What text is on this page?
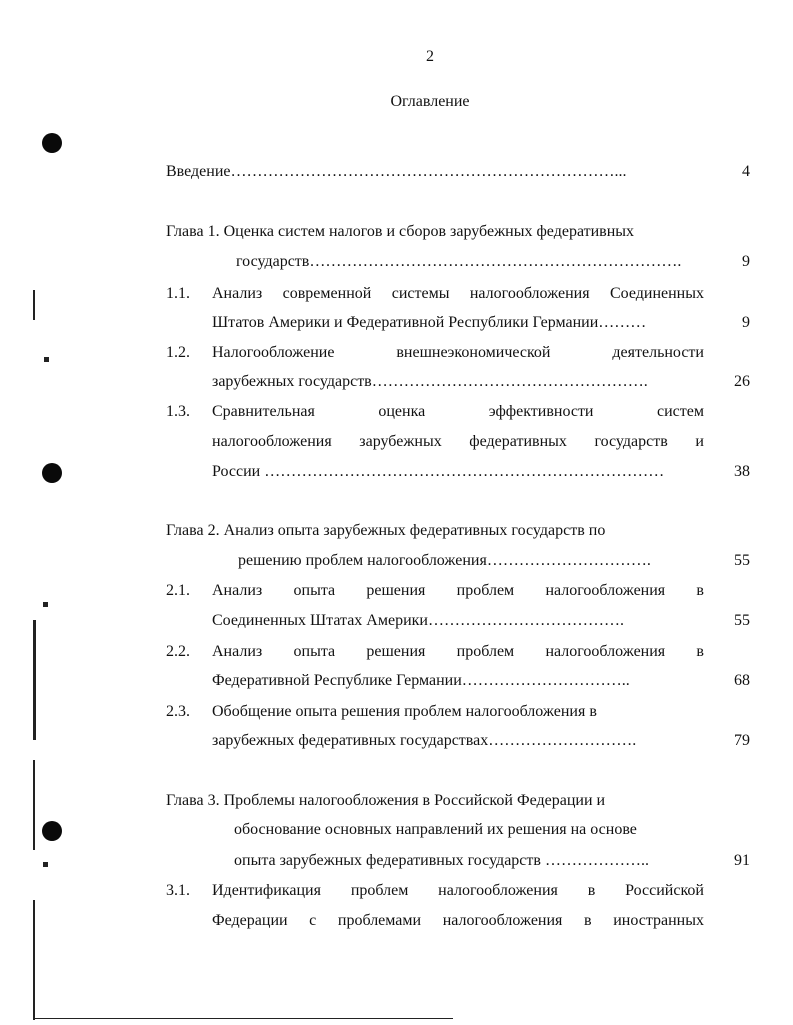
2
Оглавление
Введение………………………………………………………………...	4
Глава 1. Оценка систем налогов и сборов зарубежных федеративных
государств…………………………………………………………….	9
1.1. Анализ современной системы налогообложения Соединенных
Штатов Америки и Федеративной Республики Германии………	9
1.2. Налогообложение	внешнеэкономической	деятельности
зарубежных государств…………………………………………….	26
1.3. Сравнительная	оценка	эффективности	систем
налогообложения зарубежных федеративных государств и
России …………………………………………………………………	38
Глава 2. Анализ опыта зарубежных федеративных государств по
решению проблем налогообложения………………………….	55
2.1. Анализ опыта решения проблем налогообложения в
Соединенных Штатах Америки……………………………….	55
2.2. Анализ опыта решения проблем налогообложения в
Федеративной Республике Германии…………………………..	68
2.3. Обобщение опыта решения проблем налогообложения в
зарубежных федеративных государствах……………………….	79
Глава 3. Проблемы налогообложения в Российской Федерации и
обоснование основных направлений их решения на основе
опыта зарубежных федеративных государств ………………..	91
3.1. Идентификация проблем налогообложения в Российской
Федерации с проблемами налогообложения в иностранных
